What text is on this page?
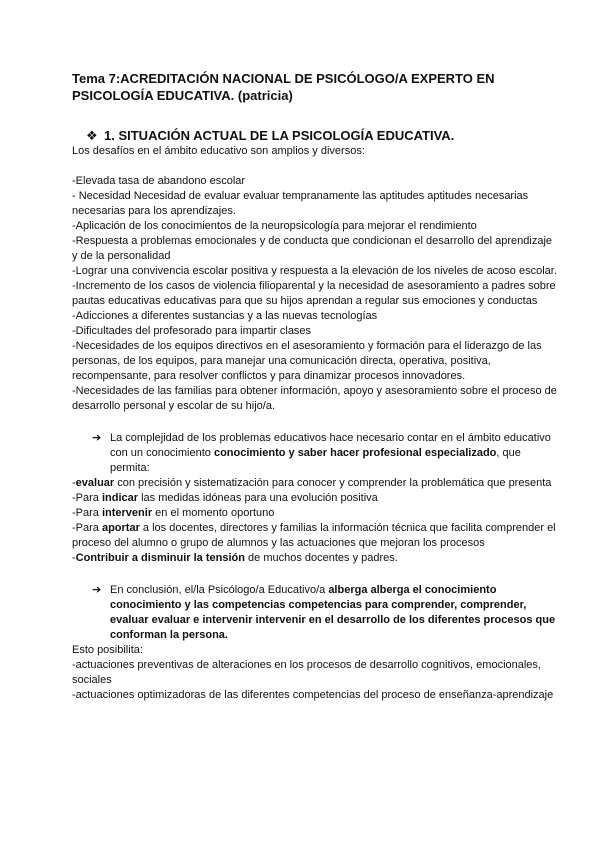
Tema 7:ACREDITACIÓN NACIONAL DE PSICÓLOGO/A EXPERTO EN PSICOLOGÍA EDUCATIVA. (patricia)

❖ 1. SITUACIÓN ACTUAL DE LA PSICOLOGÍA EDUCATIVA.

Los desafíos en el ámbito educativo son amplios y diversos:

-Elevada tasa de abandono escolar

- Necesidad Necesidad de evaluar evaluar tempranamente las aptitudes aptitudes necesarias necesarias para los aprendizajes.

-Aplicación de los conocimientos de la neuropsicología para mejorar el rendimiento

-Respuesta a problemas emocionales y de conducta que condicionan el desarrollo del aprendizaje y de la personalidad

-Lograr una convivencia escolar positiva y respuesta a la elevación de los niveles de acoso escolar.

-Incremento de los casos de violencia filioparental y la necesidad de asesoramiento a padres sobre pautas educativas educativas para que su hijos aprendan a regular sus emociones y conductas

-Adicciones a diferentes sustancias y a las nuevas tecnologías

-Dificultades del profesorado para impartir clases

-Necesidades de los equipos directivos en el asesoramiento y formación para el liderazgo de las personas, de los equipos, para manejar una comunicación directa, operativa, positiva, recompensante, para resolver conflictos y para dinamizar procesos innovadores.

-Necesidades de las familias para obtener información, apoyo y asesoramiento sobre el proceso de desarrollo personal y escolar de su hijo/a.

➔ La complejidad de los problemas educativos hace necesario contar en el ámbito educativo con un conocimiento conocimiento y saber hacer profesional especializado, que permita:

-evaluar con precisión y sistematización para conocer y comprender la problemática que presenta

-Para indicar las medidas idóneas para una evolución positiva

-Para intervenir en el momento oportuno

-Para aportar a los docentes, directores y familias la información técnica que facilita comprender el proceso del alumno o grupo de alumnos y las actuaciones que mejoran los procesos

-Contribuir a disminuir la tensión de muchos docentes y padres.

➔ En conclusión, el/la Psicólogo/a Educativo/a alberga alberga el conocimiento conocimiento y las competencias competencias para comprender, comprender, evaluar evaluar e intervenir intervenir en el desarrollo de los diferentes procesos que conforman la persona.

Esto posibilita:

-actuaciones preventivas de alteraciones en los procesos de desarrollo cognitivos, emocionales, sociales

-actuaciones optimizadoras de las diferentes competencias del proceso de enseñanza-aprendizaje
